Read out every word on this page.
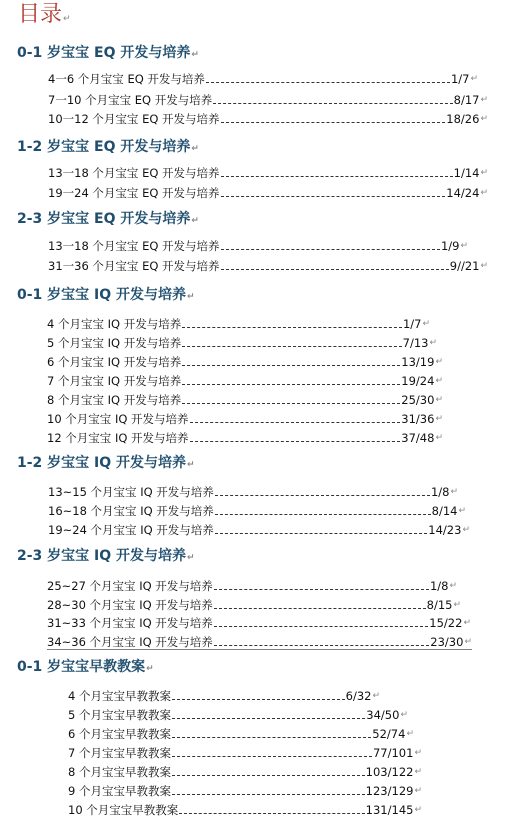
目录↵
0-1 岁宝宝 EQ 开发与培养↵
4一6 个月宝宝 EQ 开发与培养	1/7 ↵
7一10 个月宝宝 EQ 开发与培养	8/17 ↵
10一12 个月宝宝 EQ 开发与培养	18/26 ↵
1-2 岁宝宝 EQ 开发与培养↵
13一18 个月宝宝 EQ 开发与培养	1/14 ↵
19一24 个月宝宝 EQ 开发与培养	14/24 ↵
2-3 岁宝宝 EQ 开发与培养↵
13一18 个月宝宝 EQ 开发与培养	1/9 ↵
31一36 个月宝宝 EQ 开发与培养	9//21 ↵
0-1 岁宝宝 IQ 开发与培养↵
4 个月宝宝 IQ 开发与培养	1/7 ↵
5 个月宝宝 IQ 开发与培养	7/13 ↵
6 个月宝宝 IQ 开发与培养	13/19 ↵
7 个月宝宝 IQ 开发与培养	19/24 ↵
8 个月宝宝 IQ 开发与培养	25/30 ↵
10 个月宝宝 IQ 开发与培养	31/36 ↵
12 个月宝宝 IQ 开发与培养	37/48 ↵
1-2 岁宝宝 IQ 开发与培养↵
13~15 个月宝宝 IQ 开发与培养	1/8 ↵
16~18 个月宝宝 IQ 开发与培养	8/14 ↵
19~24 个月宝宝 IQ 开发与培养	14/23 ↵
2-3 岁宝宝 IQ 开发与培养↵
25~27 个月宝宝 IQ 开发与培养	1/8 ↵
28~30 个月宝宝 IQ 开发与培养	8/15 ↵
31~33 个月宝宝 IQ 开发与培养	15/22 ↵
34~36 个月宝宝 IQ 开发与培养	23/30 ↵
0-1 岁宝宝早教教案↵
4 个月宝宝早教教案	6/32 ↵
5 个月宝宝早教教案	34/50 ↵
6 个月宝宝早教教案	52/74 ↵
7 个月宝宝早教教案	77/101 ↵
8 个月宝宝早教教案	103/122 ↵
9 个月宝宝早教教案	123/129 ↵
10 个月宝宝早教教案	131/145 ↵
